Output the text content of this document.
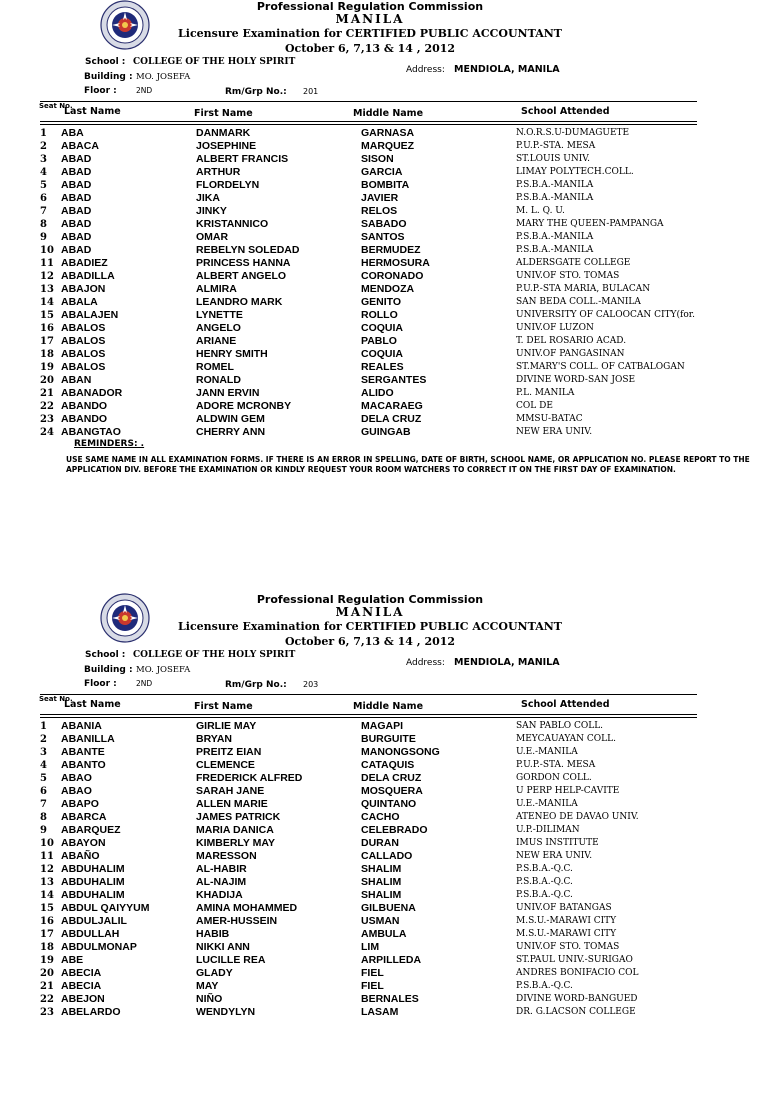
Professional Regulation Commission
MANILA
Licensure Examination for CERTIFIED PUBLIC ACCOUNTANT
October 6, 7,13 & 14 , 2012
School : COLLEGE OF THE HOLY SPIRIT
Building : MO. JOSEFA
Floor :	2ND	Rm/Grp No.: 201
Address: MENDIOLA, MANILA
Seat No.
Last Name	First Name	Middle Name	School Attended
1 ABA	DANMARK	GARNASA	N.O.R.S.U-DUMAGUETE
2 ABACA	JOSEPHINE	MARQUEZ	P.U.P.-STA. MESA
3 ABAD	ALBERT FRANCIS	SISON	ST.LOUIS UNIV.
4 ABAD	ARTHUR	GARCIA	LIMAY POLYTECH.COLL.
5 ABAD	FLORDELYN	BOMBITA	P.S.B.A.-MANILA
6 ABAD	JIKA	JAVIER	P.S.B.A.-MANILA
7 ABAD	JINKY	RELOS	M. L. Q. U.
8 ABAD	KRISTANNICO	SABADO	MARY THE QUEEN-PAMPANGA
9 ABAD	OMAR	SANTOS	P.S.B.A.-MANILA
10 ABAD	REBELYN SOLEDAD	BERMUDEZ	P.S.B.A.-MANILA
11 ABADIEZ	PRINCESS HANNA	HERMOSURA	ALDERSGATE COLLEGE
12 ABADILLA	ALBERT ANGELO	CORONADO	UNIV.OF STO. TOMAS
13 ABAJON	ALMIRA	MENDOZA	P.U.P.-STA MARIA, BULACAN
14 ABALA	LEANDRO MARK	GENITO	SAN BEDA COLL.-MANILA
15 ABALAJEN	LYNETTE	ROLLO	UNIVERSITY OF CALOOCAN CITY(for.
16 ABALOS	ANGELO	COQUIA	UNIV.OF LUZON
17 ABALOS	ARIANE	PABLO	T. DEL ROSARIO ACAD.
18 ABALOS	HENRY SMITH	COQUIA	UNIV.OF PANGASINAN
19 ABALOS	ROMEL	REALES	ST.MARY'S COLL. OF CATBALOGAN
20 ABAN	RONALD	SERGANTES	DIVINE WORD-SAN JOSE
21 ABANADOR	JANN ERVIN	ALIDO	P.L. MANILA
22 ABANDO	ADORE MCRONBY	MACARAEG	COL DE
23 ABANDO	ALDWIN GEM	DELA CRUZ	MMSU-BATAC
24 ABANGTAO	CHERRY ANN	GUINGAB	NEW ERA UNIV.
REMINDERS: .
USE SAME NAME IN ALL EXAMINATION FORMS. IF THERE IS AN ERROR IN SPELLING, DATE OF BIRTH, SCHOOL NAME, OR APPLICATION NO. PLEASE REPORT TO THE APPLICATION DIV. BEFORE THE EXAMINATION OR KINDLY REQUEST YOUR ROOM WATCHERS TO CORRECT IT ON THE FIRST DAY OF EXAMINATION.
Professional Regulation Commission
MANILA
Licensure Examination for CERTIFIED PUBLIC ACCOUNTANT
October 6, 7,13 & 14 , 2012
School : COLLEGE OF THE HOLY SPIRIT
Building : MO. JOSEFA
Floor :	2ND	Rm/Grp No.: 203
Address: MENDIOLA, MANILA
Seat No.
Last Name	First Name	Middle Name	School Attended
1 ABANIA	GIRLIE MAY	MAGAPI	SAN PABLO COLL.
2 ABANILLA	BRYAN	BURGUITE	MEYCAUAYAN COLL.
3 ABANTE	PREITZ EIAN	MANONGSONG	U.E.-MANILA
4 ABANTO	CLEMENCE	CATAQUIS	P.U.P.-STA. MESA
5 ABAO	FREDERICK ALFRED	DELA CRUZ	GORDON COLL.
6 ABAO	SARAH JANE	MOSQUERA	U PERP HELP-CAVITE
7 ABAPO	ALLEN MARIE	QUINTANO	U.E.-MANILA
8 ABARCA	JAMES PATRICK	CACHO	ATENEO DE DAVAO UNIV.
9 ABARQUEZ	MARIA DANICA	CELEBRADO	U.P.-DILIMAN
10 ABAYON	KIMBERLY MAY	DURAN	IMUS INSTITUTE
11 ABAÑO	MARESSON	CALLADO	NEW ERA UNIV.
12 ABDUHALIM	AL-HABIR	SHALIM	P.S.B.A.-Q.C.
13 ABDUHALIM	AL-NAJIM	SHALIM	P.S.B.A.-Q.C.
14 ABDUHALIM	KHADIJA	SHALIM	P.S.B.A.-Q.C.
15 ABDUL QAIYYUM	AMINA MOHAMMED	GILBUENA	UNIV.OF BATANGAS
16 ABDULJALIL	AMER-HUSSEIN	USMAN	M.S.U.-MARAWI CITY
17 ABDULLAH	HABIB	AMBULA	M.S.U.-MARAWI CITY
18 ABDULMONAP	NIKKI ANN	LIM	UNIV.OF STO. TOMAS
19 ABE	LUCILLE REA	ARPILLEDA	ST.PAUL UNIV.-SURIGAO
20 ABECIA	GLADY	FIEL	ANDRES BONIFACIO COL
21 ABECIA	MAY	FIEL	P.S.B.A.-Q.C.
22 ABEJON	NIÑO	BERNALES	DIVINE WORD-BANGUED
23 ABELARDO	WENDYLYN	LASAM	DR. G.LACSON COLLEGE
